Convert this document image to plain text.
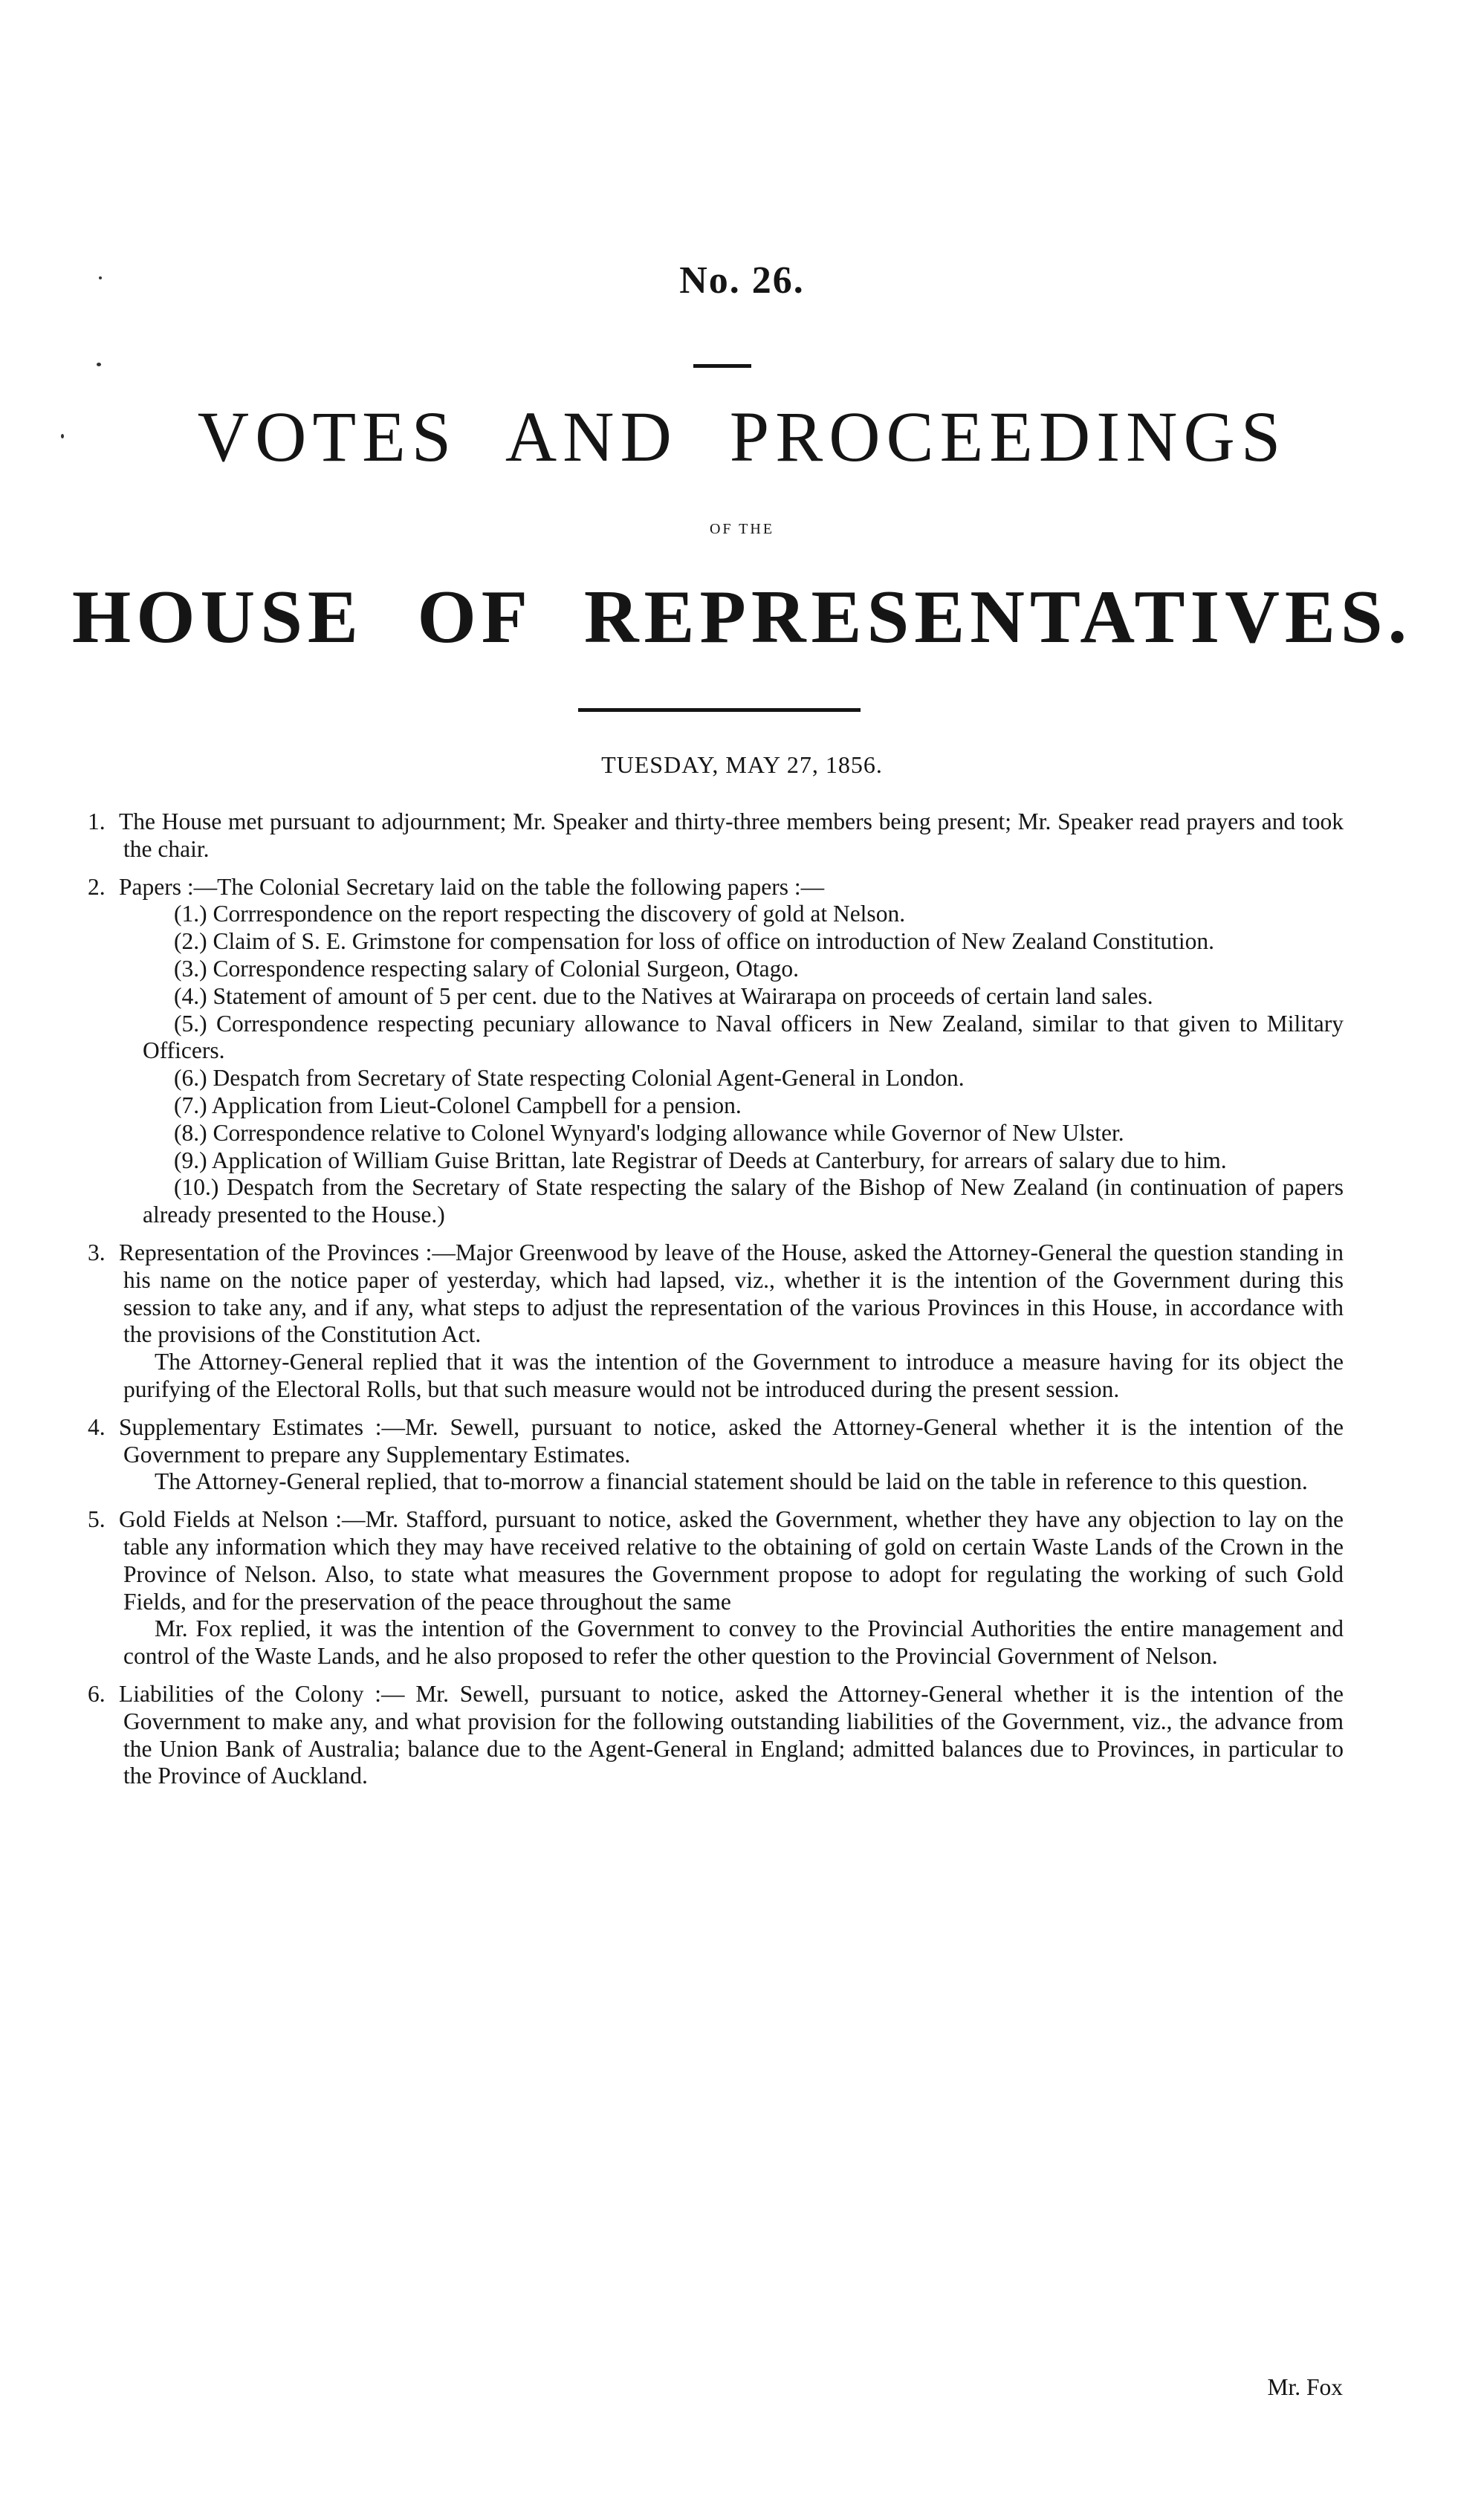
No. 26.
VOTES AND PROCEEDINGS
OF THE
HOUSE OF REPRESENTATIVES.
TUESDAY, MAY 27, 1856.
1. The House met pursuant to adjournment; Mr. Speaker and thirty-three members being present; Mr. Speaker read prayers and took the chair.
2. Papers :—The Colonial Secretary laid on the table the following papers :—

(1.) Corrrespondence on the report respecting the discovery of gold at Nelson.

(2.) Claim of S. E. Grimstone for compensation for loss of office on introduction of New Zealand Constitution.

(3.) Correspondence respecting salary of Colonial Surgeon, Otago.

(4.) Statement of amount of 5 per cent. due to the Natives at Wairarapa on proceeds of certain land sales.

(5.) Correspondence respecting pecuniary allowance to Naval officers in New Zealand, similar to that given to Military Officers.

(6.) Despatch from Secretary of State respecting Colonial Agent-General in London.

(7.) Application from Lieut-Colonel Campbell for a pension.

(8.) Correspondence relative to Colonel Wynyard's lodging allowance while Governor of New Ulster.

(9.) Application of William Guise Brittan, late Registrar of Deeds at Canterbury, for arrears of salary due to him.

(10.) Despatch from the Secretary of State respecting the salary of the Bishop of New Zealand (in continuation of papers already presented to the House.)

3. Representation of the Provinces :—Major Greenwood by leave of the House, asked the Attorney-General the question standing in his name on the notice paper of yesterday, which had lapsed, viz., whether it is the intention of the Government during this session to take any, and if any, what steps to adjust the representation of the various Provinces in this House, in accordance with the provisions of the Constitution Act.

The Attorney-General replied that it was the intention of the Government to introduce a measure having for its object the purifying of the Electoral Rolls, but that such measure would not be introduced during the present session.

4. Supplementary Estimates :—Mr. Sewell, pursuant to notice, asked the Attorney-General whether it is the intention of the Government to prepare any Supplementary Estimates.

The Attorney-General replied, that to-morrow a financial statement should be laid on the table in reference to this question.

5. Gold Fields at Nelson :—Mr. Stafford, pursuant to notice, asked the Government, whether they have any objection to lay on the table any information which they may have received relative to the obtaining of gold on certain Waste Lands of the Crown in the Province of Nelson. Also, to state what measures the Government propose to adopt for regulating the working of such Gold Fields, and for the preservation of the peace throughout the same

Mr. Fox replied, it was the intention of the Government to convey to the Provincial Authorities the entire management and control of the Waste Lands, and he also proposed to refer the other question to the Provincial Government of Nelson.

6. Liabilities of the Colony :— Mr. Sewell, pursuant to notice, asked the Attorney-General whether it is the intention of the Government to make any, and what provision for the following outstanding liabilities of the Government, viz., the advance from the Union Bank of Australia; balance due to the Agent-General in England; admitted balances due to Provinces, in particular to the Province of Auckland.
Mr. Fox
